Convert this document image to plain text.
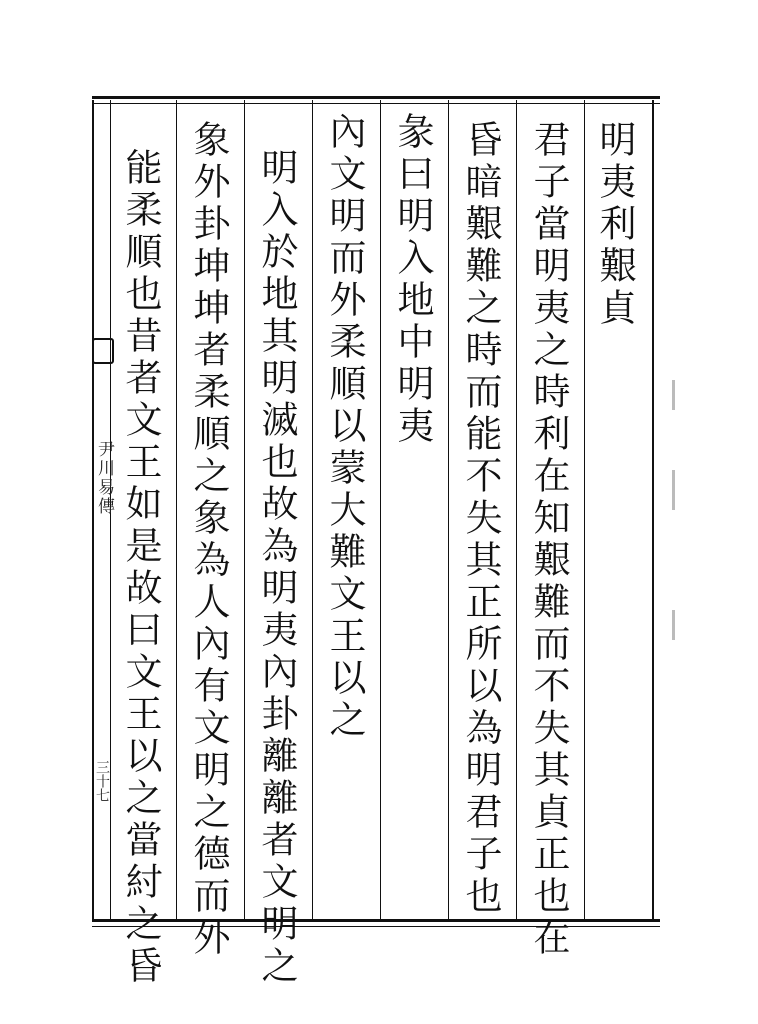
尹川易傳
三十七
明夷利艱貞
君子當明夷之時利在知艱難而不失其貞正也在
昏暗艱難之時而能不失其正所以為明君子也
彖曰明入地中明夷
內文明而外柔順以蒙大難文王以之
明入於地其明滅也故為明夷內卦離離者文明之
象外卦坤坤者柔順之象為人內有文明之德而外
能柔順也昔者文王如是故曰文王以之當紂之昏
